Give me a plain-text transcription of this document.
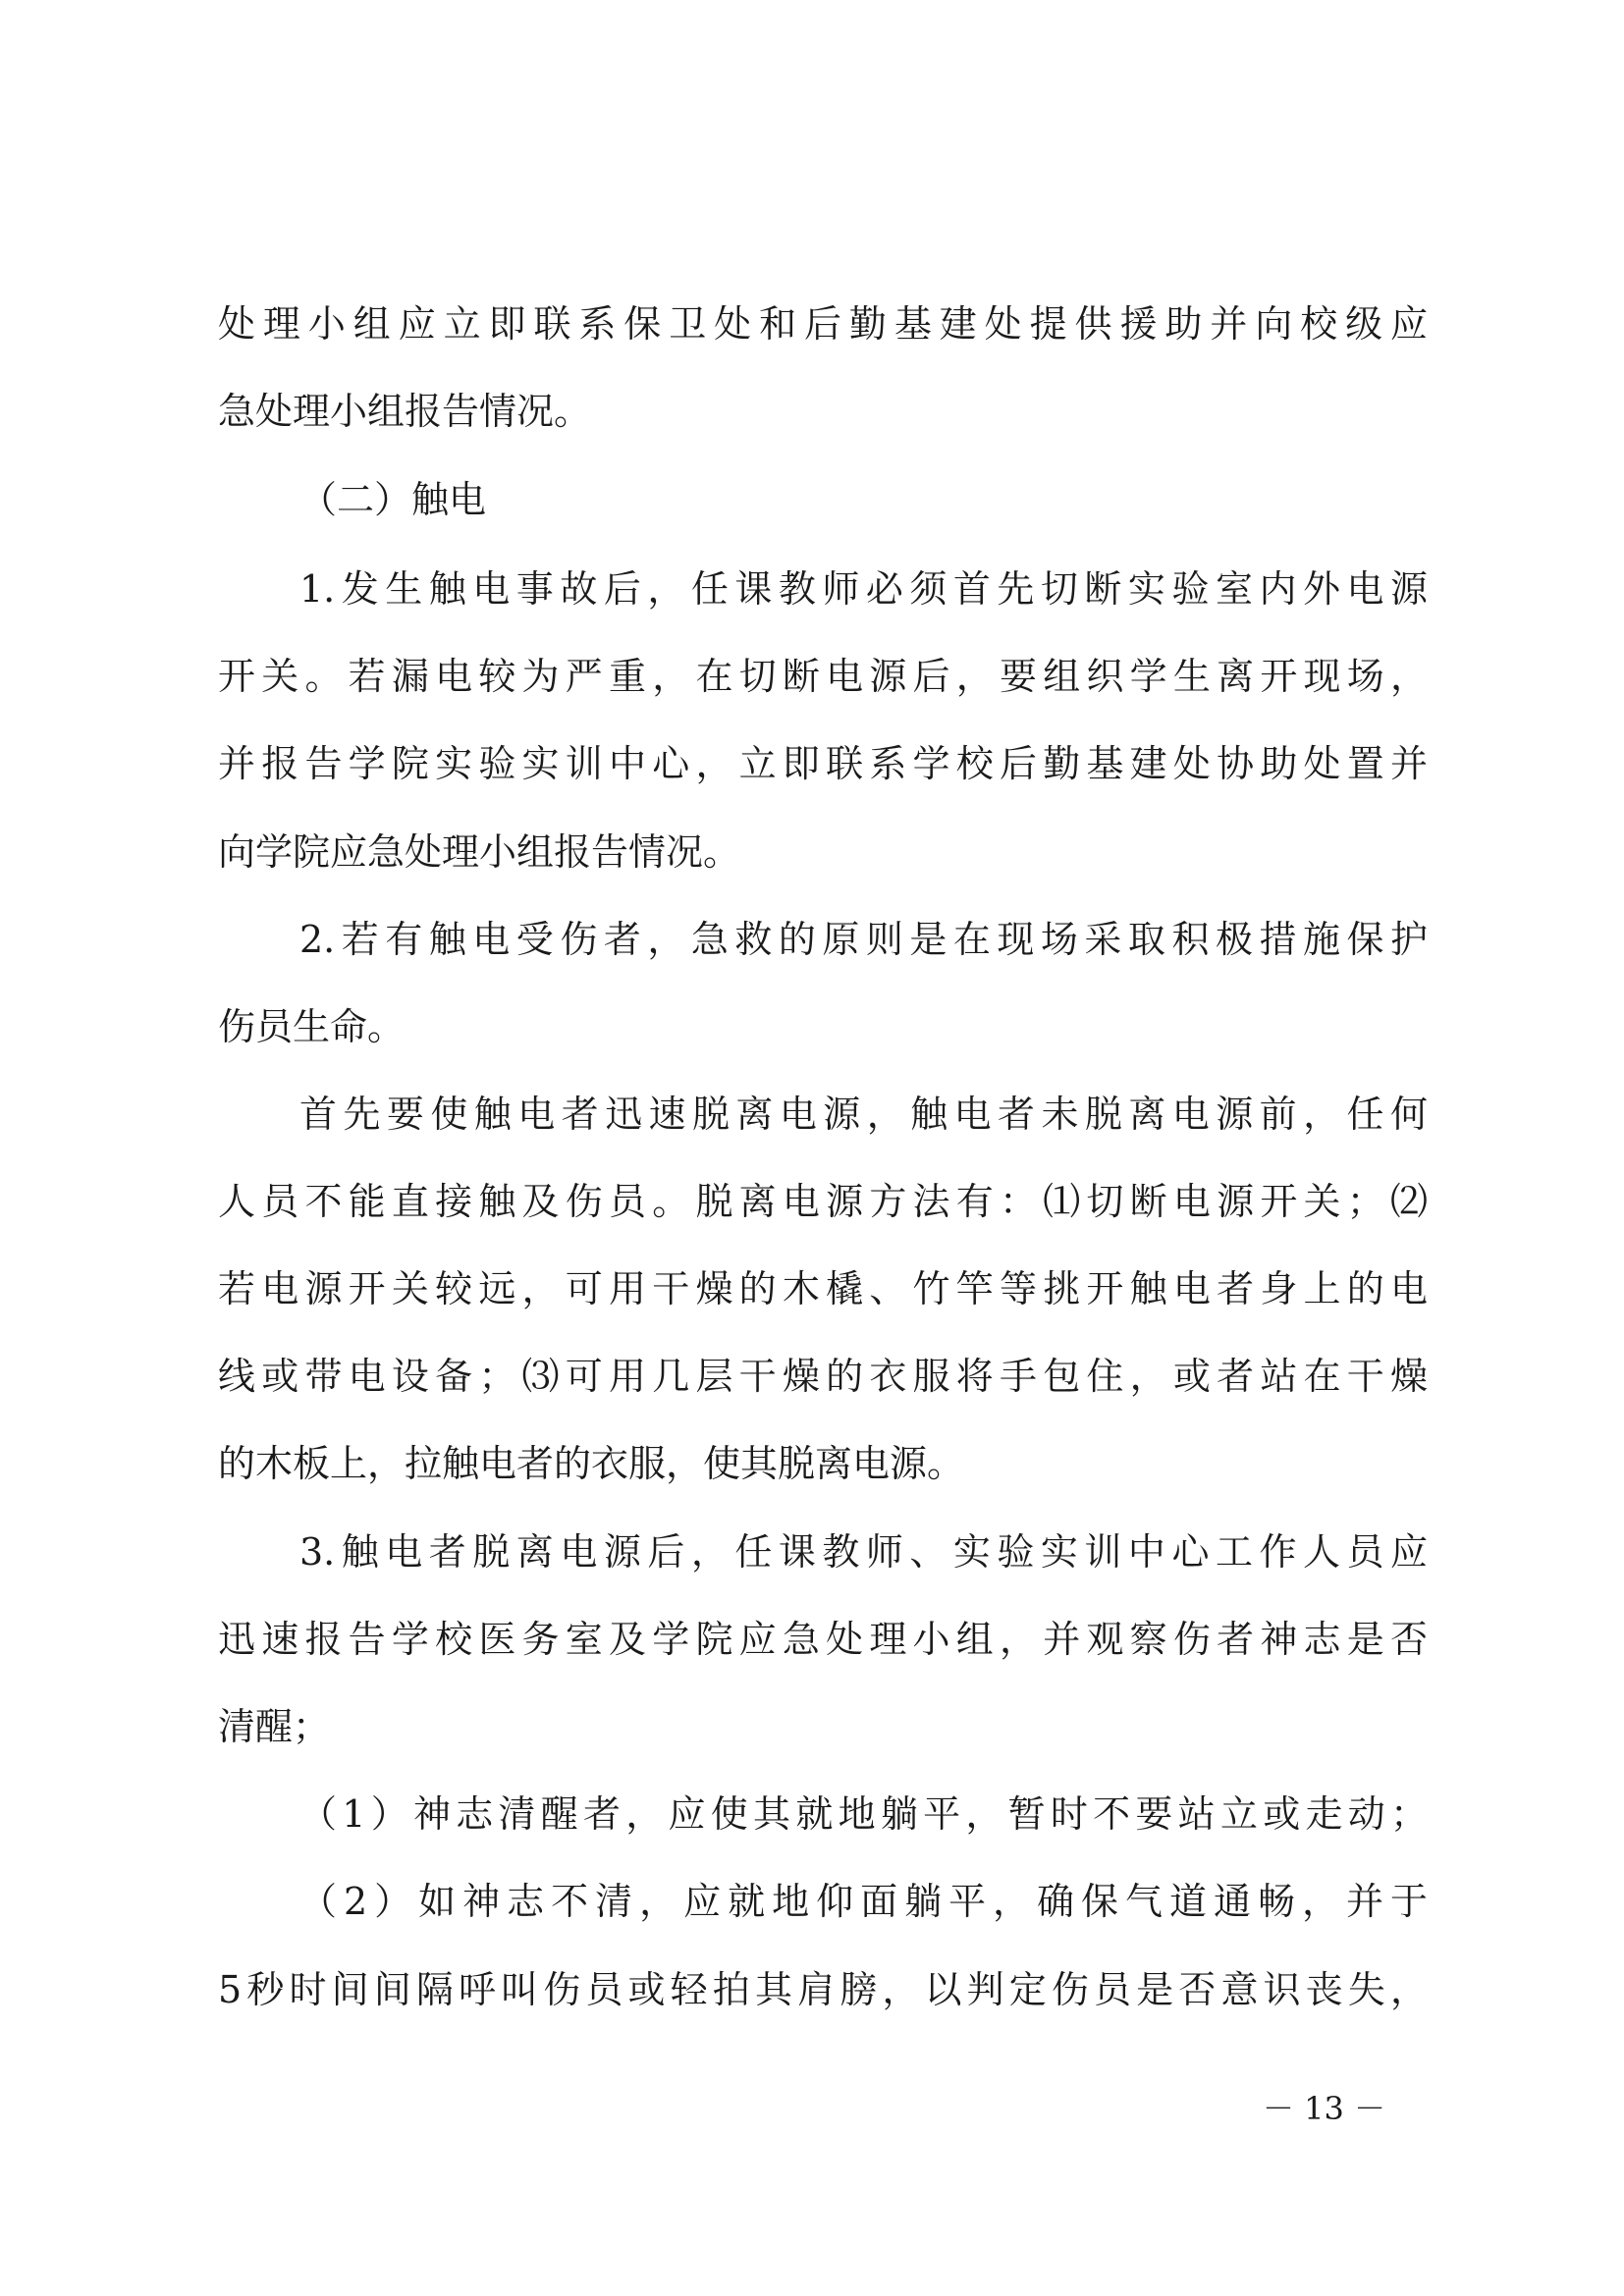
处理小组应立即联系保卫处和后勤基建处提供援助并向校级应
急处理小组报告情况。
（二）触电
1.发生触电事故后，任课教师必须首先切断实验室内外电源
开关。若漏电较为严重，在切断电源后，要组织学生离开现场，
并报告学院实验实训中心，立即联系学校后勤基建处协助处置并
向学院应急处理小组报告情况。
2.若有触电受伤者，急救的原则是在现场采取积极措施保护
伤员生命。
首先要使触电者迅速脱离电源，触电者未脱离电源前，任何
人员不能直接触及伤员。脱离电源方法有：⑴切断电源开关；⑵
若电源开关较远，可用干燥的木橇、竹竿等挑开触电者身上的电
线或带电设备；⑶可用几层干燥的衣服将手包住，或者站在干燥
的木板上，拉触电者的衣服，使其脱离电源。
3.触电者脱离电源后，任课教师、实验实训中心工作人员应
迅速报告学校医务室及学院应急处理小组，并观察伤者神志是否
清醒；
（1）神志清醒者，应使其就地躺平，暂时不要站立或走动；
（2）如神志不清，应就地仰面躺平，确保气道通畅，并于
5秒时间间隔呼叫伤员或轻拍其肩膀，以判定伤员是否意识丧失，
－ 13 －
